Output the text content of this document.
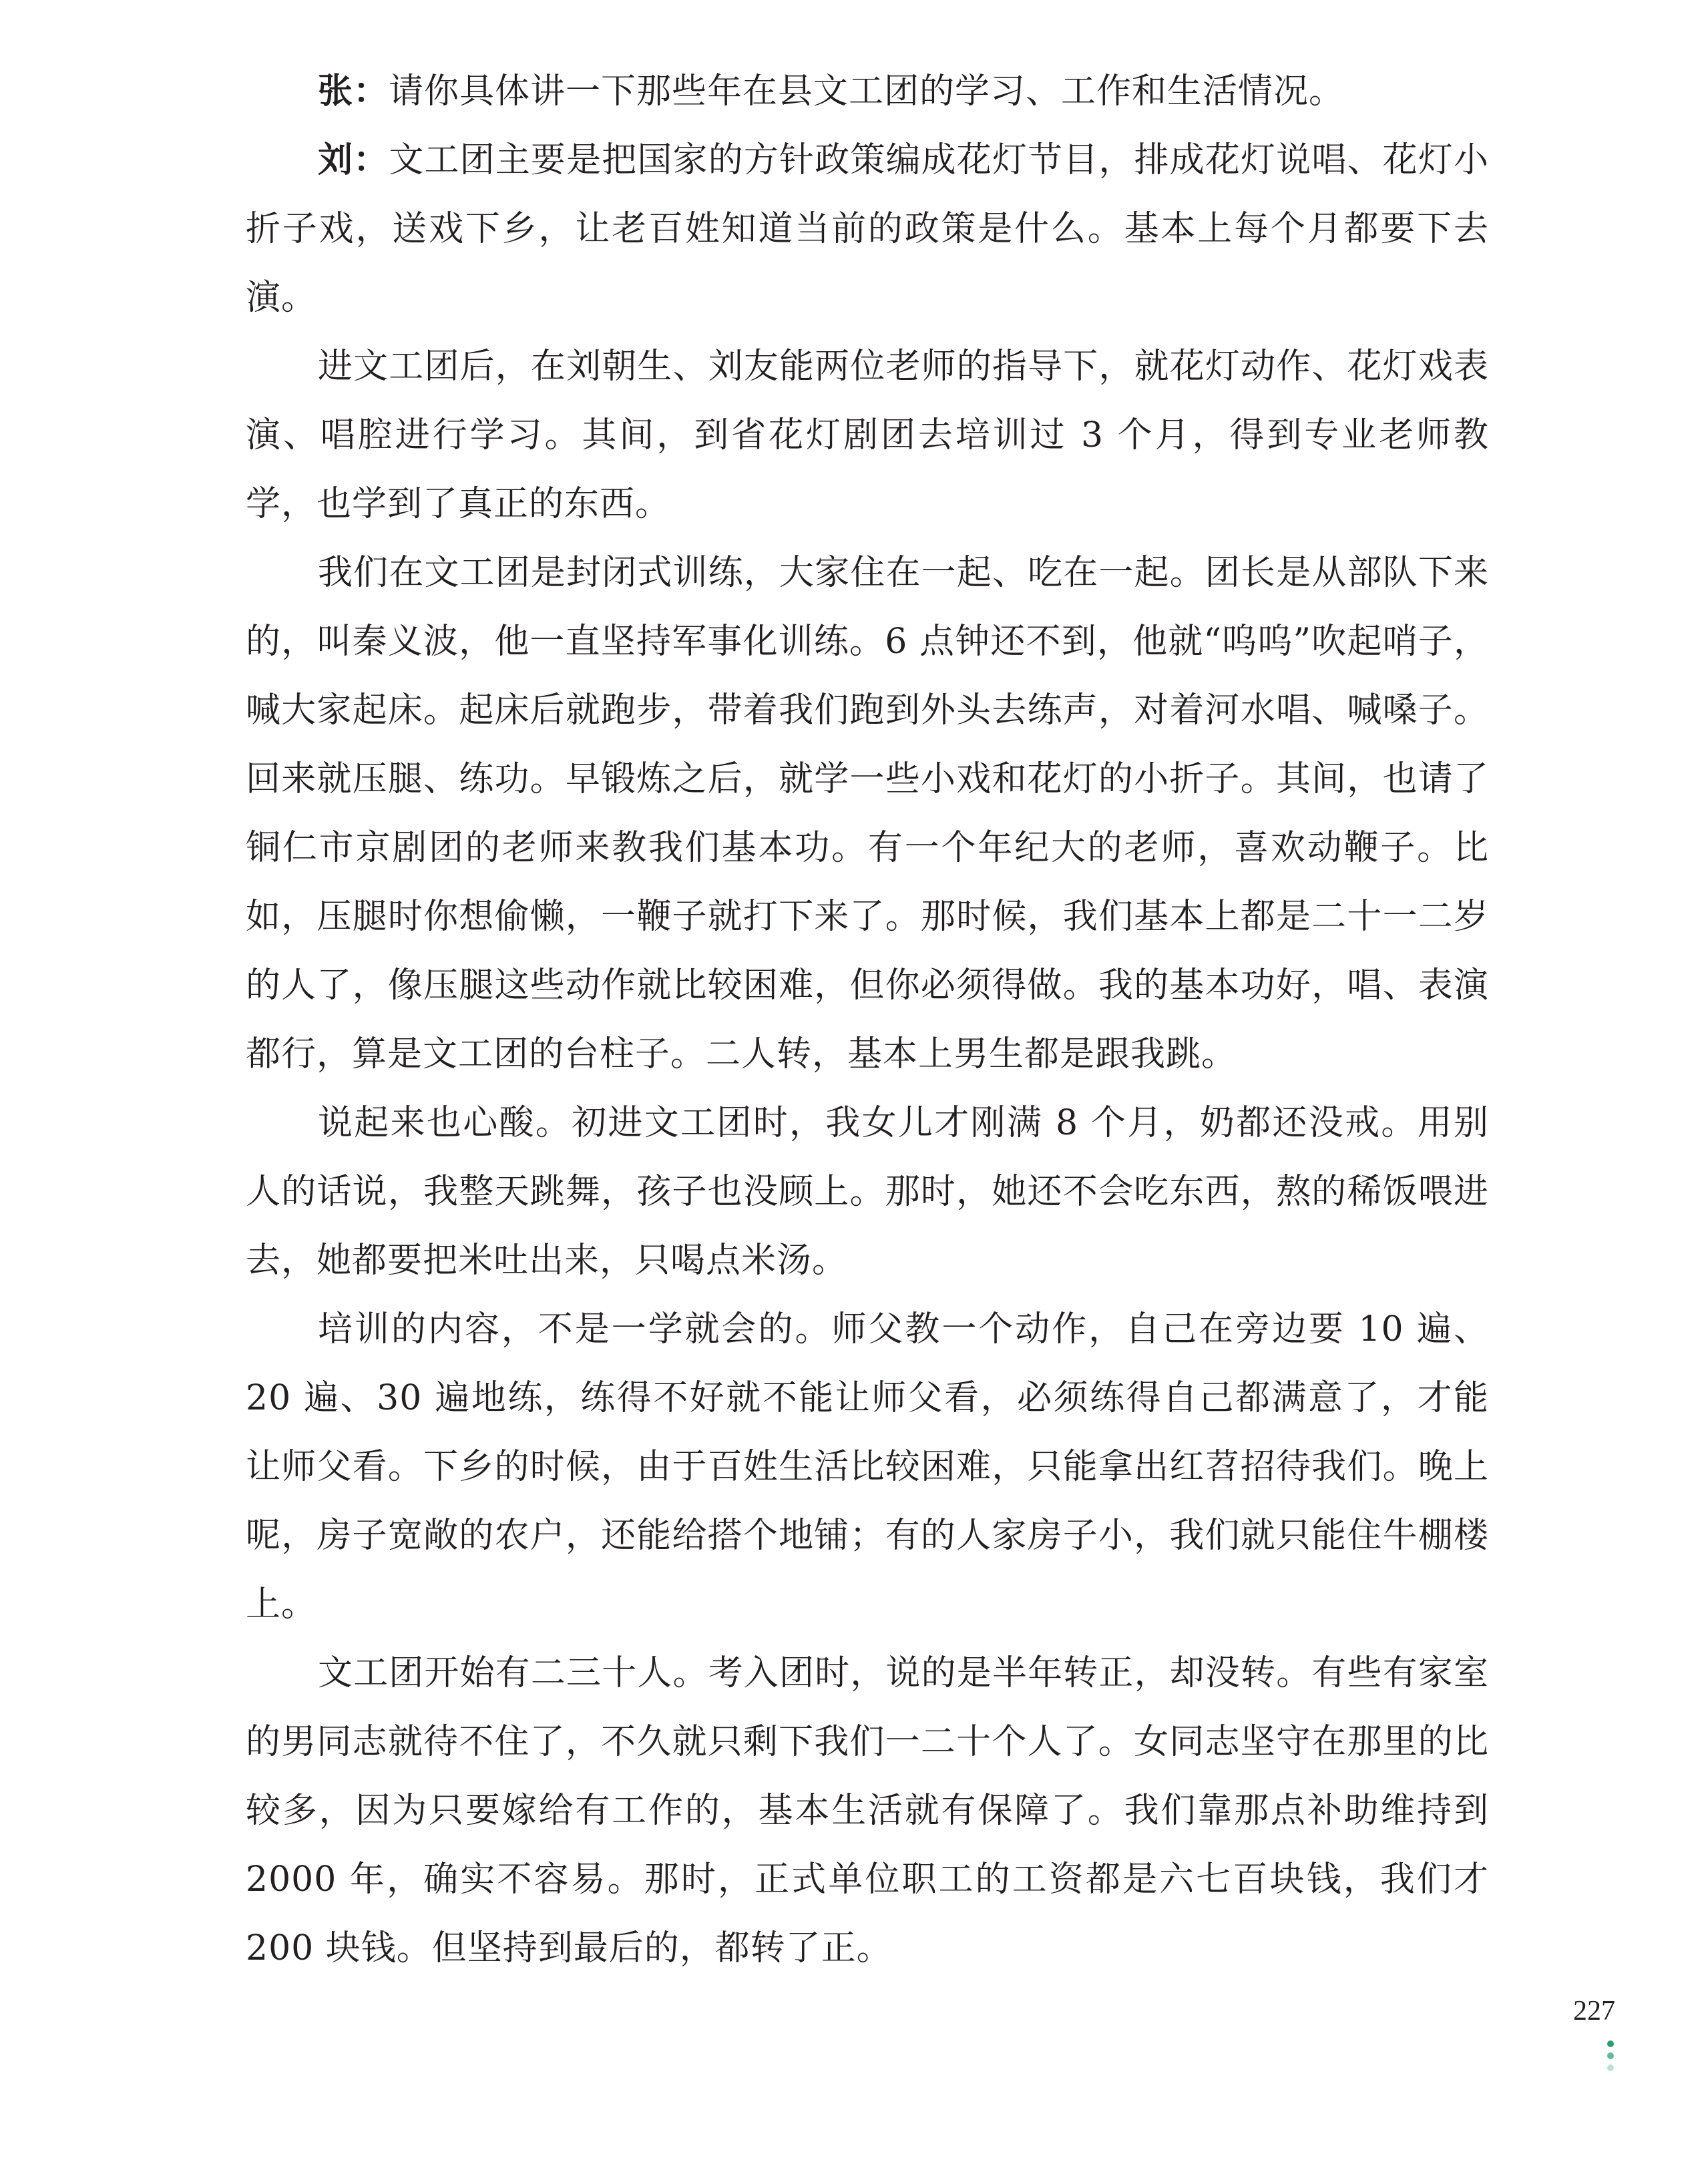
张：请你具体讲一下那些年在县文工团的学习、工作和生活情况。

刘：文工团主要是把国家的方针政策编成花灯节目，排成花灯说唱、花灯小折子戏，送戏下乡，让老百姓知道当前的政策是什么。基本上每个月都要下去演。

进文工团后，在刘朝生、刘友能两位老师的指导下，就花灯动作、花灯戏表演、唱腔进行学习。其间，到省花灯剧团去培训过 3 个月，得到专业老师教学，也学到了真正的东西。

我们在文工团是封闭式训练，大家住在一起、吃在一起。团长是从部队下来的，叫秦义波，他一直坚持军事化训练。6 点钟还不到，他就“呜呜”吹起哨子，喊大家起床。起床后就跑步，带着我们跑到外头去练声，对着河水唱、喊嗓子。回来就压腿、练功。早锻炼之后，就学一些小戏和花灯的小折子。其间，也请了铜仁市京剧团的老师来教我们基本功。有一个年纪大的老师，喜欢动鞭子。比如，压腿时你想偷懒，一鞭子就打下来了。那时候，我们基本上都是二十一二岁的人了，像压腿这些动作就比较困难，但你必须得做。我的基本功好，唱、表演都行，算是文工团的台柱子。二人转，基本上男生都是跟我跳。

说起来也心酸。初进文工团时，我女儿才刚满 8 个月，奶都还没戒。用别人的话说，我整天跳舞，孩子也没顾上。那时，她还不会吃东西，熬的稀饭喂进去，她都要把米吐出来，只喝点米汤。

培训的内容，不是一学就会的。师父教一个动作，自己在旁边要 10 遍、20 遍、30 遍地练，练得不好就不能让师父看，必须练得自己都满意了，才能让师父看。下乡的时候，由于百姓生活比较困难，只能拿出红苕招待我们。晚上呢，房子宽敞的农户，还能给搭个地铺；有的人家房子小，我们就只能住牛棚楼上。

文工团开始有二三十人。考入团时，说的是半年转正，却没转。有些有家室的男同志就待不住了，不久就只剩下我们一二十个人了。女同志坚守在那里的比较多，因为只要嫁给有工作的，基本生活就有保障了。我们靠那点补助维持到 2000 年，确实不容易。那时，正式单位职工的工资都是六七百块钱，我们才 200 块钱。但坚持到最后的，都转了正。

227
